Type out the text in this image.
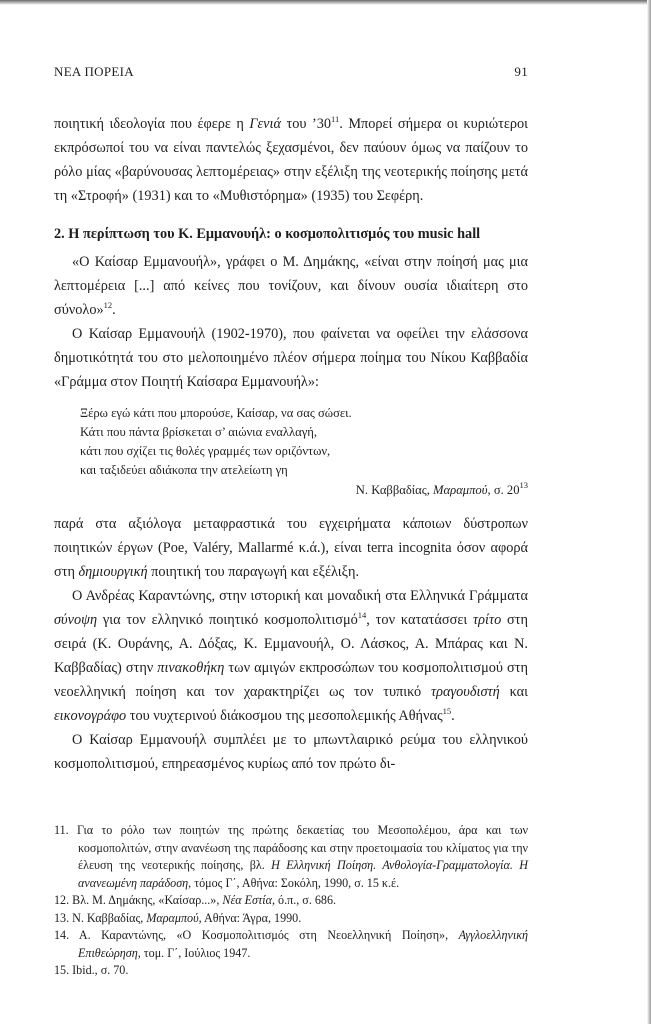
ΝΕΑ ΠΟΡΕΙΑ	91

ποιητική ιδεολογία που έφερε η Γενιά του $’30^{11}$. Μπορεί σήμερα οι κυριώτεροι εκπρόσωποί του να είναι παντελώς ξεχασμένοι, δεν παύουν όμως να παίζουν το ρόλο μίας «βαρύνουσας λεπτομέρειας» στην εξέλιξη της νεοτερικής ποίησης μετά τη «Στροφή» (1931) και το «Μυθιστόρημα» (1935) του Σεφέρη.

2. Η περίπτωση του Κ. Εμμανουήλ: ο κοσμοπολιτισμός του music hall

«Ο Καίσαρ Εμμανουήλ», γράφει ο Μ. Δημάκης, «είναι στην ποίησή μας μια λεπτομέρεια [...] από κείνες που τονίζουν, και δίνουν ουσία ιδιαίτερη στο σύνολο»$^{12}$.

Ο Καίσαρ Εμμανουήλ (1902-1970), που φαίνεται να οφείλει την ελάσσονα δημοτικότητά του στο μελοποιημένο πλέον σήμερα ποίημα του Νίκου Καββαδία «Γράμμα στον Ποιητή Καίσαρα Εμμανουήλ»:

Ξέρω εγώ κάτι που μπορούσε, Καίσαρ, να σας σώσει.
Κάτι που πάντα βρίσκεται σ’ αιώνια εναλλαγή,
κάτι που σχίζει τις θολές γραμμές των οριζόντων,
και ταξιδεύει αδιάκοπα την ατελείωτη γη
Ν. Καββαδίας, Μαραμπού, σ. $20^{13}$

παρά στα αξιόλογα μεταφραστικά του εγχειρήματα κάποιων δύστροπων ποιητικών έργων (Poe, Valéry, Mallarmé κ.ά.), είναι terra incognita όσον αφορά στη δημιουργική ποιητική του παραγωγή και εξέλιξη.

Ο Ανδρέας Καραντώνης, στην ιστορική και μοναδική στα Ελληνικά Γράμματα σύνοψη για τον ελληνικό ποιητικό κοσμοπολιτισμό$^{14}$, τον κατατάσσει τρίτο στη σειρά (Κ. Ουράνης, Α. Δόξας, Κ. Εμμανουήλ, Ο. Λάσκος, Α. Μπάρας και Ν. Καββαδίας) στην πινακοθήκη των αμιγών εκπροσώπων του κοσμοπολιτισμού στη νεοελληνική ποίηση και τον χαρακτηρίζει ως τον τυπικό τραγουδιστή και εικονογράφο του νυχτερινού διάκοσμου της μεσοπολεμικής Αθήνας$^{15}$.

Ο Καίσαρ Εμμανουήλ συμπλέει με το μπωντλαιρικό ρεύμα του ελληνικού κοσμοπολιτισμού, επηρεασμένος κυρίως από τον πρώτο δι-

11. Για το ρόλο των ποιητών της πρώτης δεκαετίας του Μεσοπολέμου, άρα και των κοσμοπολιτών, στην ανανέωση της παράδοσης και στην προετοιμασία του κλίματος για την έλευση της νεοτερικής ποίησης, βλ. Η Ελληνική Ποίηση. Ανθολογία-Γραμματολογία. Η ανανεωμένη παράδοση, τόμος Γ΄, Αθήνα: Σοκόλη, 1990, σ. 15 κ.έ.

12. Βλ. Μ. Δημάκης, «Καίσαρ...», Νέα Εστία, ό.π., σ. 686.

13. Ν. Καββαδίας, Μαραμπού, Αθήνα: Άγρα, 1990.

14. Α. Καραντώνης, «Ο Κοσμοπολιτισμός στη Νεοελληνική Ποίηση», Αγγλοελληνική Επιθεώρηση, τομ. Γ΄, Ιούλιος 1947.

15. Ibid., σ. 70.
